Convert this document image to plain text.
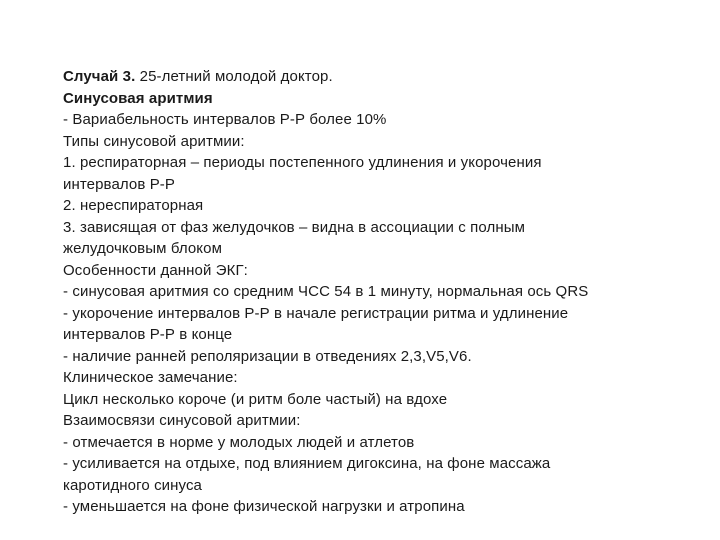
Случай 3. 25-летний молодой доктор.
Синусовая аритмия
- Вариабельность интервалов Р-Р более 10%
Типы синусовой аритмии:
1. респираторная – периоды постепенного удлинения и укорочения
интервалов Р-Р
2. нереспираторная
3. зависящая от фаз желудочков – видна в ассоциации с полным
желудочковым блоком
Особенности данной ЭКГ:
- синусовая аритмия со средним ЧСС 54 в 1 минуту, нормальная ось QRS
- укорочение интервалов Р-Р в начале регистрации ритма и удлинение
интервалов Р-Р в конце
- наличие ранней реполяризации в отведениях 2,3,V5,V6.
Клиническое замечание:
Цикл несколько короче (и ритм боле частый) на вдохе
Взаимосвязи синусовой аритмии:
- отмечается в норме у молодых людей и атлетов
- усиливается на отдыхе, под влиянием дигоксина, на фоне массажа
каротидного синуса
- уменьшается на фоне физической нагрузки и атропина
